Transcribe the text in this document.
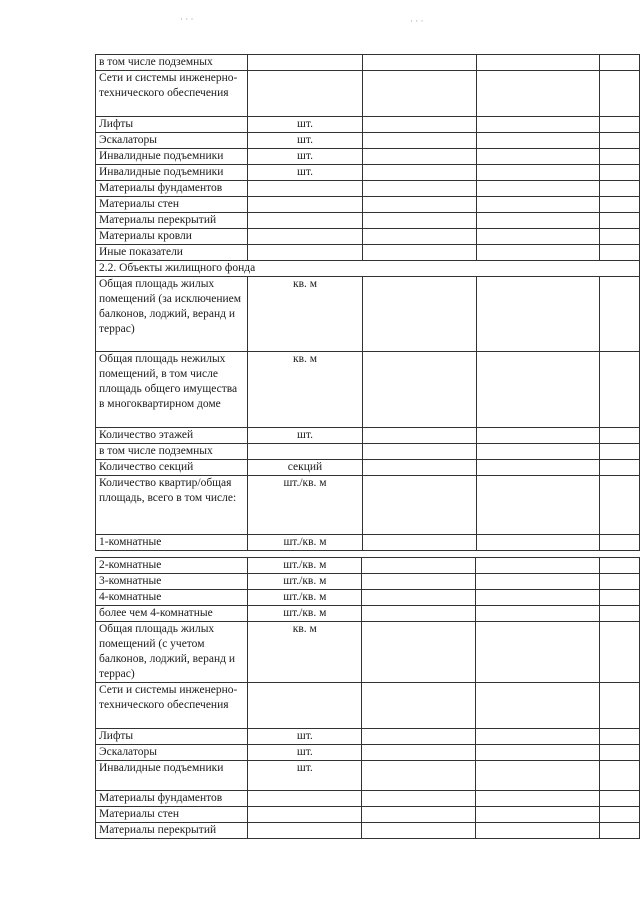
· · ·	· · ·
в том числе подземных				
Сети и системы инженерно-технического обеспечения				
Лифты	шт.			
Эскалаторы	шт.			
Инвалидные подъемники	шт.			
Инвалидные подъемники	шт.			
Материалы фундаментов				
Материалы стен				
Материалы перекрытий				
Материалы кровли				
Иные показатели				
2.2. Объекты жилищного фонда				
Общая площадь жилых помещений (за исключением балконов, лоджий, веранд и террас)	кв. м			
Общая площадь нежилых помещений, в том числе площадь общего имущества в многоквартирном доме	кв. м			
Количество этажей	шт.			
в том числе подземных				
Количество секций	секций			
Количество квартир/общая площадь, всего в том числе:	шт./кв. м			
1-комнатные	шт./кв. м			
2-комнатные	шт./кв. м			
3-комнатные	шт./кв. м			
4-комнатные	шт./кв. м			
более чем 4-комнатные	шт./кв. м			
Общая площадь жилых помещений (с учетом балконов, лоджий, веранд и террас)	кв. м			
Сети и системы инженерно-технического обеспечения				
Лифты	шт.			
Эскалаторы	шт.			
Инвалидные подъемники	шт.			
Материалы фундаментов				
Материалы стен				
Материалы перекрытий				
